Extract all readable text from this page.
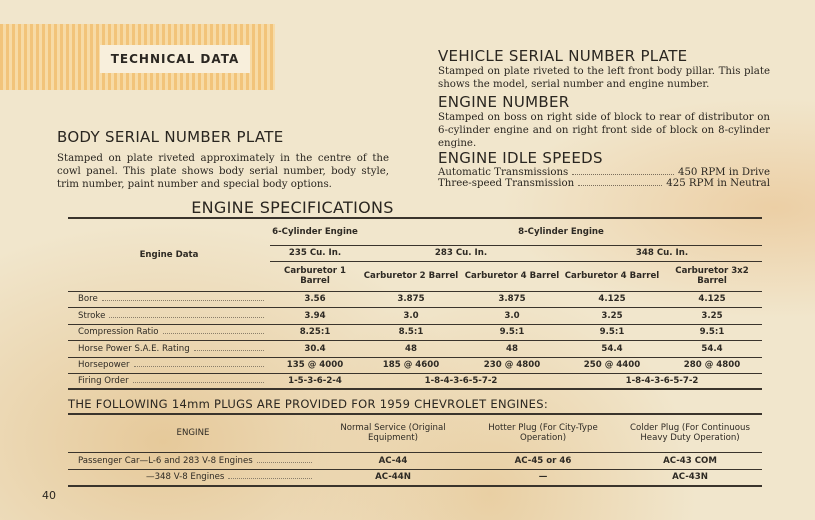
TECHNICAL DATA
BODY SERIAL NUMBER PLATE
Stamped on plate riveted approximately in the centre of the cowl panel. This plate shows body serial number, body style, trim number, paint number and special body options.
VEHICLE SERIAL NUMBER PLATE
Stamped on plate riveted to the left front body pillar. This plate shows the model, serial number and engine number.
ENGINE NUMBER
Stamped on boss on right side of block to rear of distributor on 6-cylinder engine and on right front side of block on 8-cylinder engine.
ENGINE IDLE SPEEDS
Automatic Transmissions	450 RPM in Drive
Three-speed Transmission	425 RPM in Neutral
ENGINE SPECIFICATIONS
Engine Data	6-Cylinder Engine	8-Cylinder Engine			
	235 Cu. In.	283 Cu. In.		348 Cu. In.	
	Carburetor 1 Barrel	Carburetor 2 Barrel	Carburetor 4 Barrel	Carburetor 4 Barrel	Carburetor 3x2 Barrel

Bore	3.56	3.875	3.875	4.125	4.125

Stroke	3.94	3.0	3.0	3.25	3.25

Compression Ratio	8.25:1	8.5:1	9.5:1	9.5:1	9.5:1

Horse Power S.A.E. Rating	30.4	48	48	54.4	54.4

Horsepower	135 @ 4000	185 @ 4600	230 @ 4800	250 @ 4400	280 @ 4800

Firing Order	1-5-3-6-2-4	1-8-4-3-6-5-7-2		1-8-4-3-6-5-7-2	
THE FOLLOWING 14mm PLUGS ARE PROVIDED FOR 1959 CHEVROLET ENGINES:
ENGINE	Normal Service (Original Equipment)	Hotter Plug (For City-Type Operation)	Colder Plug (For Continuous Heavy Duty Operation)

Passenger Car—L-6 and 283 V-8 Engines	AC-44	AC-45 or 46	AC-43 COM

—348 V-8 Engines	AC-44N	—	AC-43N
40
